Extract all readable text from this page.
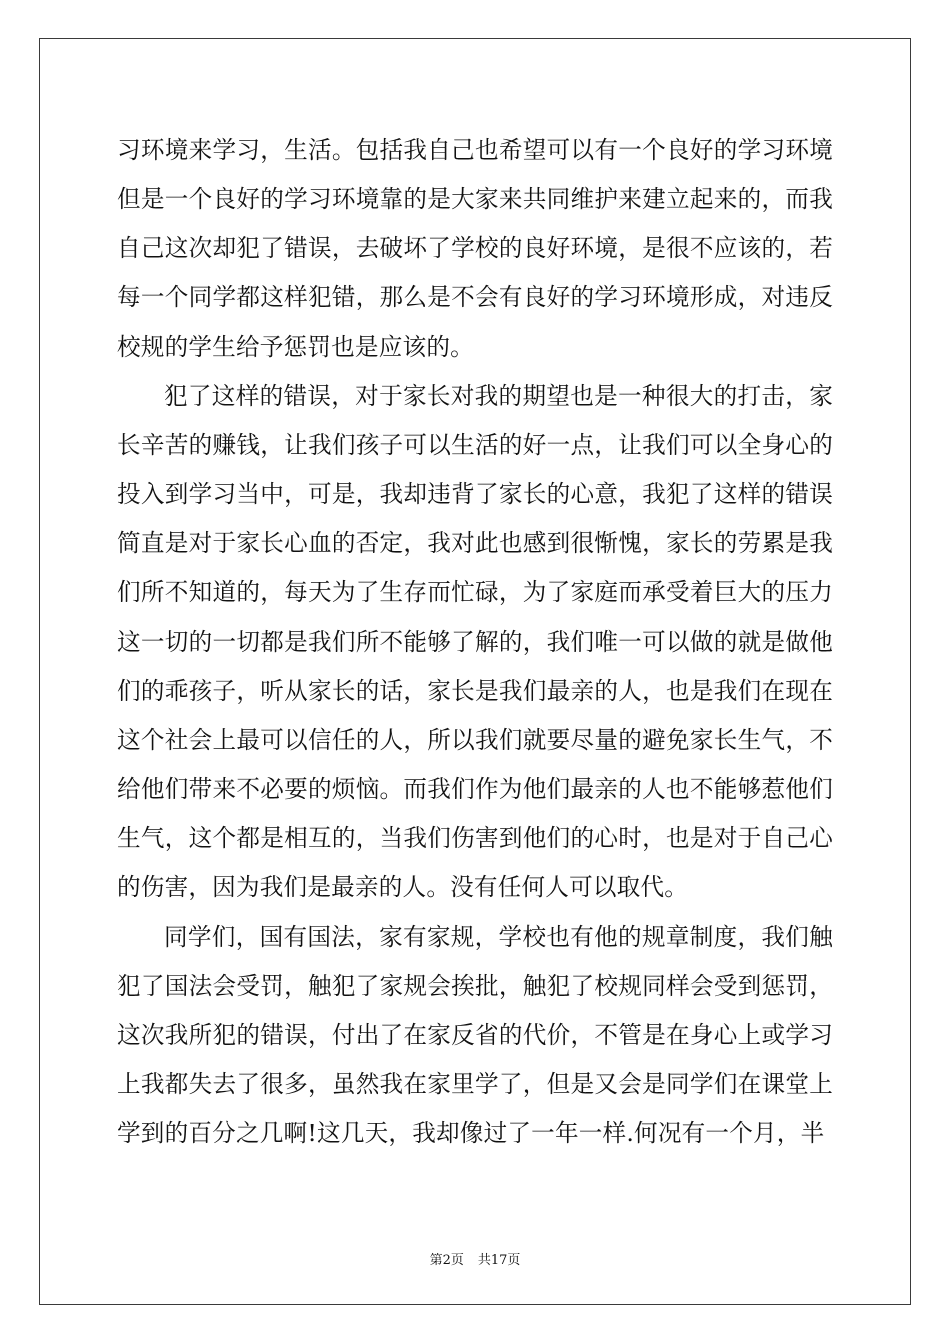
习环境来学习，生活。包括我自己也希望可以有一个良好的学习环境但是一个良好的学习环境靠的是大家来共同维护来建立起来的，而我自己这次却犯了错误，去破坏了学校的良好环境，是很不应该的，若每一个同学都这样犯错，那么是不会有良好的学习环境形成，对违反校规的学生给予惩罚也是应该的。

犯了这样的错误，对于家长对我的期望也是一种很大的打击，家长辛苦的赚钱，让我们孩子可以生活的好一点，让我们可以全身心的投入到学习当中，可是，我却违背了家长的心意，我犯了这样的错误简直是对于家长心血的否定，我对此也感到很惭愧，家长的劳累是我们所不知道的，每天为了生存而忙碌，为了家庭而承受着巨大的压力这一切的一切都是我们所不能够了解的，我们唯一可以做的就是做他们的乖孩子，听从家长的话，家长是我们最亲的人，也是我们在现在这个社会上最可以信任的人，所以我们就要尽量的避免家长生气，不给他们带来不必要的烦恼。而我们作为他们最亲的人也不能够惹他们生气，这个都是相互的，当我们伤害到他们的心时，也是对于自己心的伤害，因为我们是最亲的人。没有任何人可以取代。

同学们，国有国法，家有家规，学校也有他的规章制度，我们触犯了国法会受罚，触犯了家规会挨批，触犯了校规同样会受到惩罚，这次我所犯的错误，付出了在家反省的代价，不管是在身心上或学习上我都失去了很多，虽然我在家里学了，但是又会是同学们在课堂上学到的百分之几啊!这几天，我却像过了一年一样.何况有一个月，半

第2页 共17页
